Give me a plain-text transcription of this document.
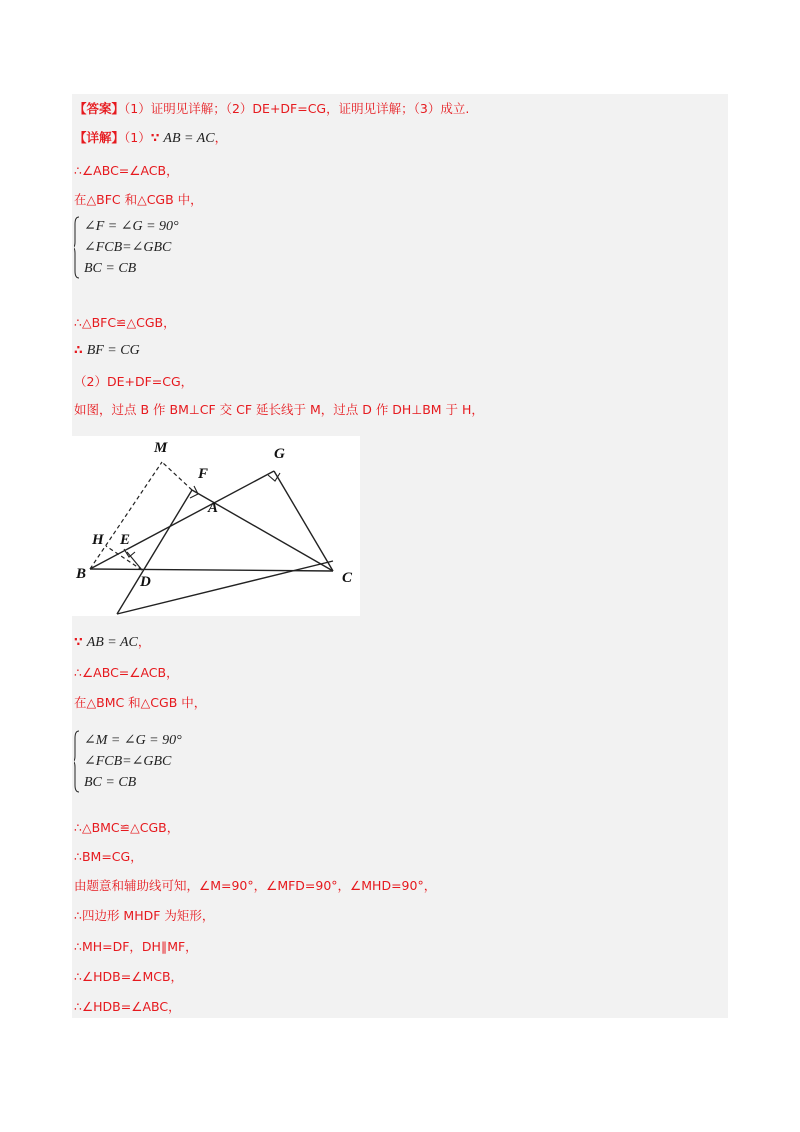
【答案】（1）证明见详解；（2）DE+DF=CG，证明见详解；（3）成立.
【详解】（1）∵ AB = AC，
∴∠ABC=∠ACB，
在△BFC 和△CGB 中，
∠F = ∠G = 90°
∠FCB=∠GBC
BC = CB
∴△BFC≌△CGB，
∴ BF = CG
（2）DE+DF=CG，
如图，过点 B 作 BM⊥CF 交 CF 延长线于 M，过点 D 作 DH⊥BM 于 H，
M	G
F
A
H E
B	D	C
∵ AB = AC，
∴∠ABC=∠ACB，
在△BMC 和△CGB 中，
∠M = ∠G = 90°
∠FCB=∠GBC
BC = CB
∴△BMC≌△CGB，
∴BM=CG，
由题意和辅助线可知，∠M=90°，∠MFD=90°，∠MHD=90°，
∴四边形 MHDF 为矩形，
∴MH=DF，DH∥MF，
∴∠HDB=∠MCB，
∴∠HDB=∠ABC，
